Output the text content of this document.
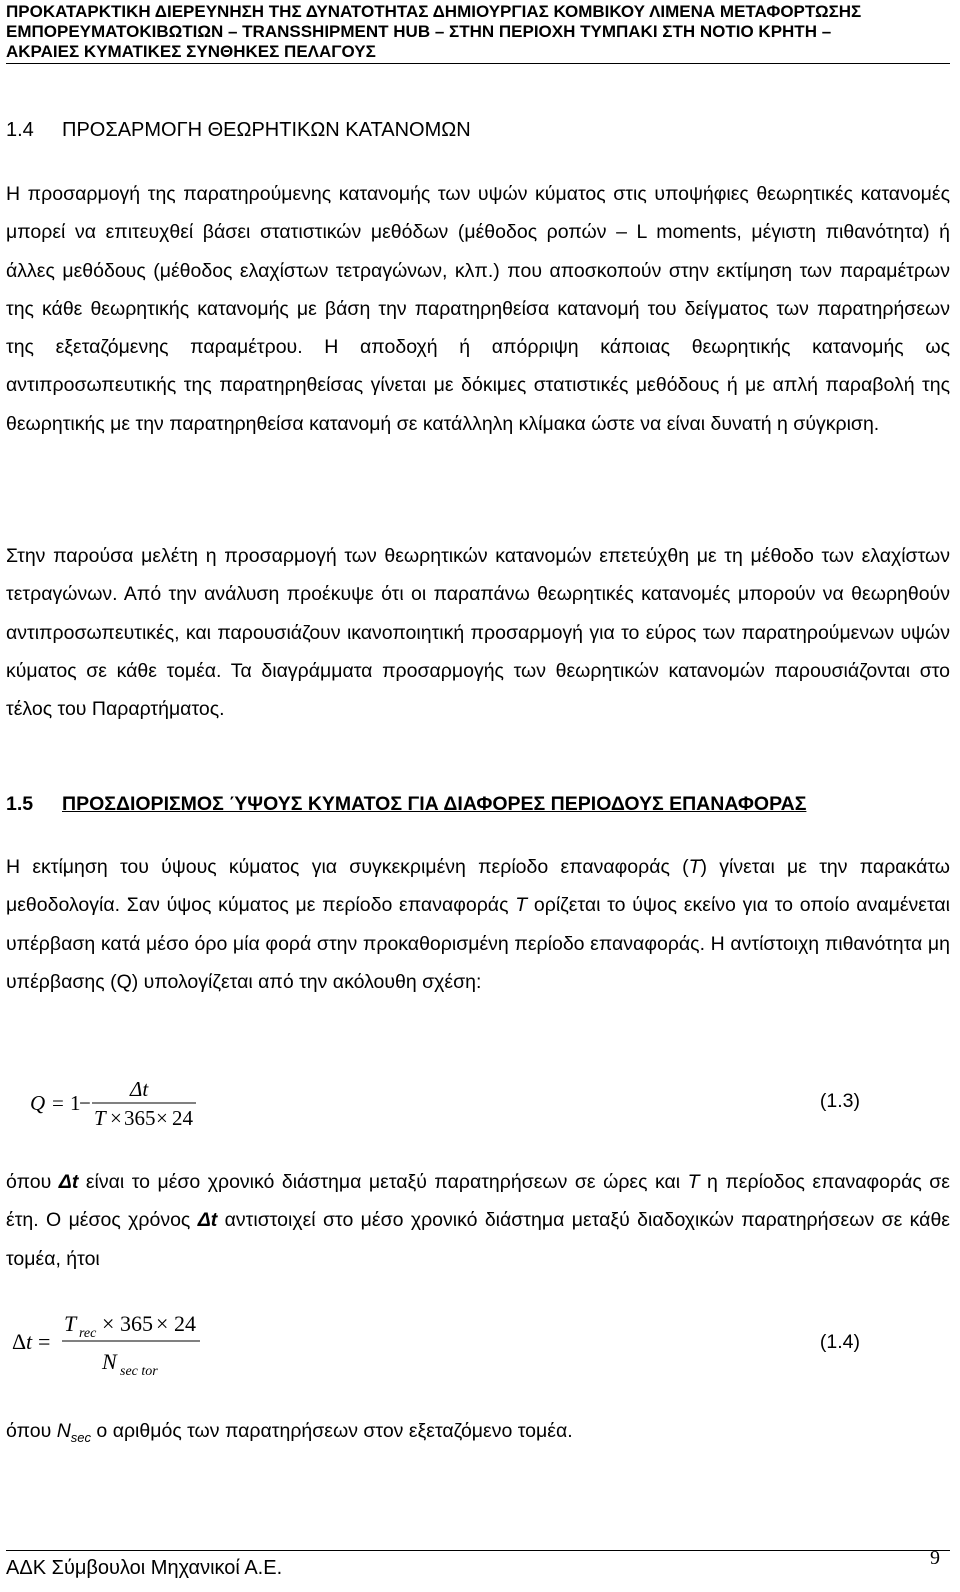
ΠΡΟΚΑΤΑΡΚΤΙΚΗ ΔΙΕΡΕΥΝΗΣΗ ΤΗΣ ΔΥΝΑΤΟΤΗΤΑΣ ΔΗΜΙΟΥΡΓΙΑΣ ΚΟΜΒΙΚΟΥ ΛΙΜΕΝΑ ΜΕΤΑΦΟΡΤΩΣΗΣ
ΕΜΠΟΡΕΥΜΑΤΟΚΙΒΩΤΙΩΝ – TRANSSHIPMENT HUB – ΣΤΗΝ ΠΕΡΙΟΧΗ ΤΥΜΠΑΚΙ ΣΤΗ ΝΟΤΙΟ ΚΡΗΤΗ –
ΑΚΡΑΙΕΣ ΚΥΜΑΤΙΚΕΣ ΣΥΝΘΗΚΕΣ ΠΕΛΑΓΟΥΣ
1.4 ΠΡΟΣΑΡΜΟΓΗ ΘΕΩΡΗΤΙΚΩΝ ΚΑΤΑΝΟΜΩΝ
Η προσαρμογή της παρατηρούμενης κατανομής των υψών κύματος στις υποψήφιες θεωρητικές κατανομές μπορεί να επιτευχθεί βάσει στατιστικών μεθόδων (μέθοδος ροπών – L moments, μέγιστη πιθανότητα) ή άλλες μεθόδους (μέθοδος ελαχίστων τετραγώνων, κλπ.) που αποσκοπούν στην εκτίμηση των παραμέτρων της κάθε θεωρητικής κατανομής με βάση την παρατηρηθείσα κατανομή του δείγματος των παρατηρήσεων της εξεταζόμενης παραμέτρου. Η αποδοχή ή απόρριψη κάποιας θεωρητικής κατανομής ως αντιπροσωπευτικής της παρατηρηθείσας γίνεται με δόκιμες στατιστικές μεθόδους ή με απλή παραβολή της θεωρητικής με την παρατηρηθείσα κατανομή σε κατάλληλη κλίμακα ώστε να είναι δυνατή η σύγκριση.
Στην παρούσα μελέτη η προσαρμογή των θεωρητικών κατανομών επετεύχθη με τη μέθοδο των ελαχίστων τετραγώνων. Από την ανάλυση προέκυψε ότι οι παραπάνω θεωρητικές κατανομές μπορούν να θεωρηθούν αντιπροσωπευτικές, και παρουσιάζουν ικανοποιητική προσαρμογή για το εύρος των παρατηρούμενων υψών κύματος σε κάθε τομέα. Τα διαγράμματα προσαρμογής των θεωρητικών κατανομών παρουσιάζονται στο τέλος του Παραρτήματος.
1.5 ΠΡΟΣΔΙΟΡΙΣΜΟΣ ΎΨΟΥΣ ΚΥΜΑΤΟΣ ΓΙΑ ΔΙΑΦΟΡΕΣ ΠΕΡΙΟΔΟΥΣ ΕΠΑΝΑΦΟΡΑΣ
Η εκτίμηση του ύψους κύματος για συγκεκριμένη περίοδο επαναφοράς (T) γίνεται με την παρακάτω μεθοδολογία. Σαν ύψος κύματος με περίοδο επαναφοράς T ορίζεται το ύψος εκείνο για το οποίο αναμένεται υπέρβαση κατά μέσο όρο μία φορά στην προκαθορισμένη περίοδο επαναφοράς. Η αντίστοιχη πιθανότητα μη υπέρβασης (Q) υπολογίζεται από την ακόλουθη σχέση:
Q = 1
−
Δt
T × 365 × 24
(1.3)
όπου Δt είναι το μέσο χρονικό διάστημα μεταξύ παρατηρήσεων σε ώρες και T η περίοδος επαναφοράς σε έτη. Ο μέσος χρόνος Δt αντιστοιχεί στο μέσο χρονικό διάστημα μεταξύ διαδοχικών παρατηρήσεων σε κάθε τομέα, ήτοι
Δ t =
T rec × 365 × 24
N sec tor
(1.4)
όπου $N_{sec}$ ο αριθμός των παρατηρήσεων στον εξεταζόμενο τομέα.
ΑΔΚ Σύμβουλοι Μηχανικοί Α.Ε.	9
